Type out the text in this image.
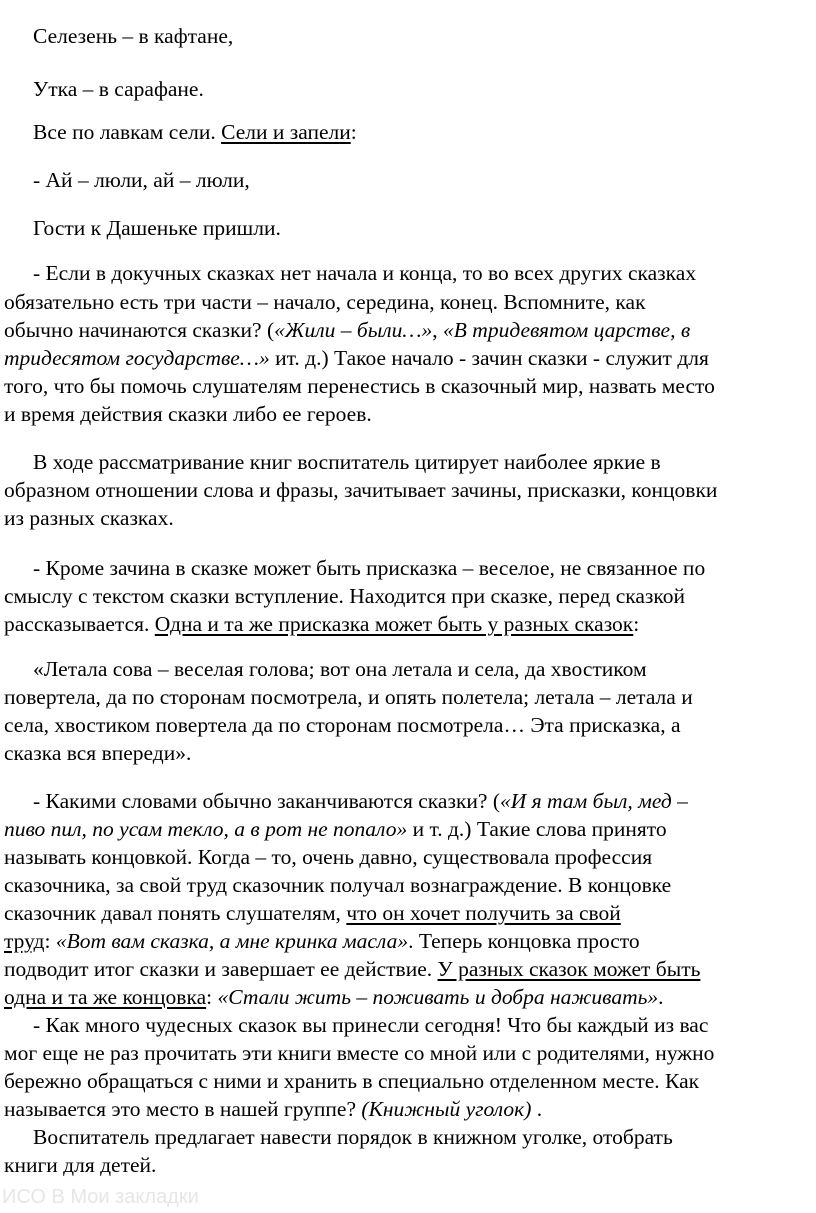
Селезень – в кафтане,
Утка – в сарафане.
Все по лавкам сели. Сели и запели:
- Ай – люли, ай – люли,
Гости к Дашеньке пришли.
- Если в докучных сказках нет начала и конца, то во всех других сказках
обязательно есть три части – начало, середина, конец. Вспомните, как
обычно начинаются сказки? («Жили – были…», «В тридевятом царстве, в
тридесятом государстве…» ит. д.) Такое начало - зачин сказки - служит для
того, что бы помочь слушателям перенестись в сказочный мир, назвать место
и время действия сказки либо ее героев.
В ходе рассматривание книг воспитатель цитирует наиболее яркие в
образном отношении слова и фразы, зачитывает зачины, присказки, концовки
из разных сказках.
- Кроме зачина в сказке может быть присказка – веселое, не связанное по
смыслу с текстом сказки вступление. Находится при сказке, перед сказкой
рассказывается. Одна и та же присказка может быть у разных сказок:
«Летала сова – веселая голова; вот она летала и села, да хвостиком
повертела, да по сторонам посмотрела, и опять полетела; летала – летала и
села, хвостиком повертела да по сторонам посмотрела… Эта присказка, а
сказка вся впереди».
- Какими словами обычно заканчиваются сказки? («И я там был, мед –
пиво пил, по усам текло, а в рот не попало» и т. д.) Такие слова принято
называть концовкой. Когда – то, очень давно, существовала профессия
сказочника, за свой труд сказочник получал вознаграждение. В концовке
сказочник давал понять слушателям, что он хочет получить за свой
труд: «Вот вам сказка, а мне кринка масла». Теперь концовка просто
подводит итог сказки и завершает ее действие. У разных сказок может быть
одна и та же концовка: «Стали жить – поживать и добра наживать».
- Как много чудесных сказок вы принесли сегодня! Что бы каждый из вас
мог еще не раз прочитать эти книги вместе со мной или с родителями, нужно
бережно обращаться с ними и хранить в специально отделенном месте. Как
называется это место в нашей группе? (Книжный уголок) .
Воспитатель предлагает навести порядок в книжном уголке, отобрать
книги для детей.
ИСО В Мои закладки
